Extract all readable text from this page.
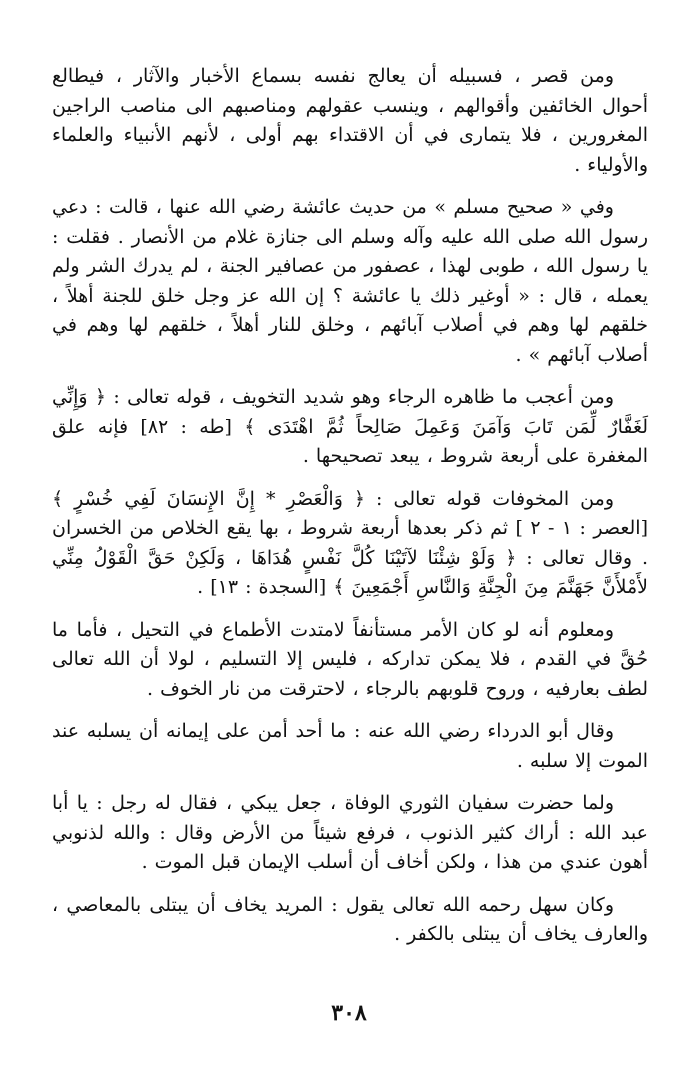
ومن قصر ، فسبيله أن يعالج نفسه بسماع الأخبار والآثار ، فيطالع أحوال الخائفين وأقوالهم ، وينسب عقولهم ومناصبهم الى مناصب الراجين المغرورين ، فلا يتمارى في أن الاقتداء بهم أولى ، لأنهم الأنبياء والعلماء والأولياء .

وفي « صحيح مسلم » من حديث عائشة رضي الله عنها ، قالت : دعي رسول الله صلى الله عليه وآله وسلم الى جنازة غلام من الأنصار . فقلت : يا رسول الله ، طوبى لهذا ، عصفور من عصافير الجنة ، لم يدرك الشر ولم يعمله ، قال : « أوغير ذلك يا عائشة ؟ إن الله عز وجل خلق للجنة أهلاً ، خلقهم لها وهم في أصلاب آبائهم ، وخلق للنار أهلاً ، خلقهم لها وهم في أصلاب آبائهم » .

ومن أعجب ما ظاهره الرجاء وهو شديد التخويف ، قوله تعالى : ﴿ وَإِنِّي لَغَفَّارٌ لِّمَن تَابَ وَآمَنَ وَعَمِلَ صَالِحاً ثُمَّ اهْتَدَى ﴾ [طه : ٨٢] فإنه علق المغفرة على أربعة شروط ، يبعد تصحيحها .

ومن المخوفات قوله تعالى : ﴿ وَالْعَصْرِ * إِنَّ الإِنسَانَ لَفِي خُسْرٍ ﴾ [العصر : ١ - ٢ ] ثم ذكر بعدها أربعة شروط ، بها يقع الخلاص من الخسران . وقال تعالى : ﴿ وَلَوْ شِئْنَا لآتَيْنَا كُلَّ نَفْسٍ هُدَاهَا ، وَلَكِنْ حَقَّ الْقَوْلُ مِنِّي لأَمْلأَنَّ جَهَنَّمَ مِنَ الْجِنَّةِ وَالنَّاسِ أَجْمَعِينَ ﴾ [السجدة : ١٣] .

ومعلوم أنه لو كان الأمر مستأنفاً لامتدت الأطماع في التحيل ، فأما ما حُقَّ في القدم ، فلا يمكن تداركه ، فليس إلا التسليم ، لولا أن الله تعالى لطف بعارفيه ، وروح قلوبهم بالرجاء ، لاحترقت من نار الخوف .

وقال أبو الدرداء رضي الله عنه : ما أحد أمن على إيمانه أن يسلبه عند الموت إلا سلبه .

ولما حضرت سفيان الثوري الوفاة ، جعل يبكي ، فقال له رجل : يا أبا عبد الله : أراك كثير الذنوب ، فرفع شيئاً من الأرض وقال : والله لذنوبي أهون عندي من هذا ، ولكن أخاف أن أسلب الإيمان قبل الموت .

وكان سهل رحمه الله تعالى يقول : المريد يخاف أن يبتلى بالمعاصي ، والعارف يخاف أن يبتلى بالكفر .

٣٠٨
